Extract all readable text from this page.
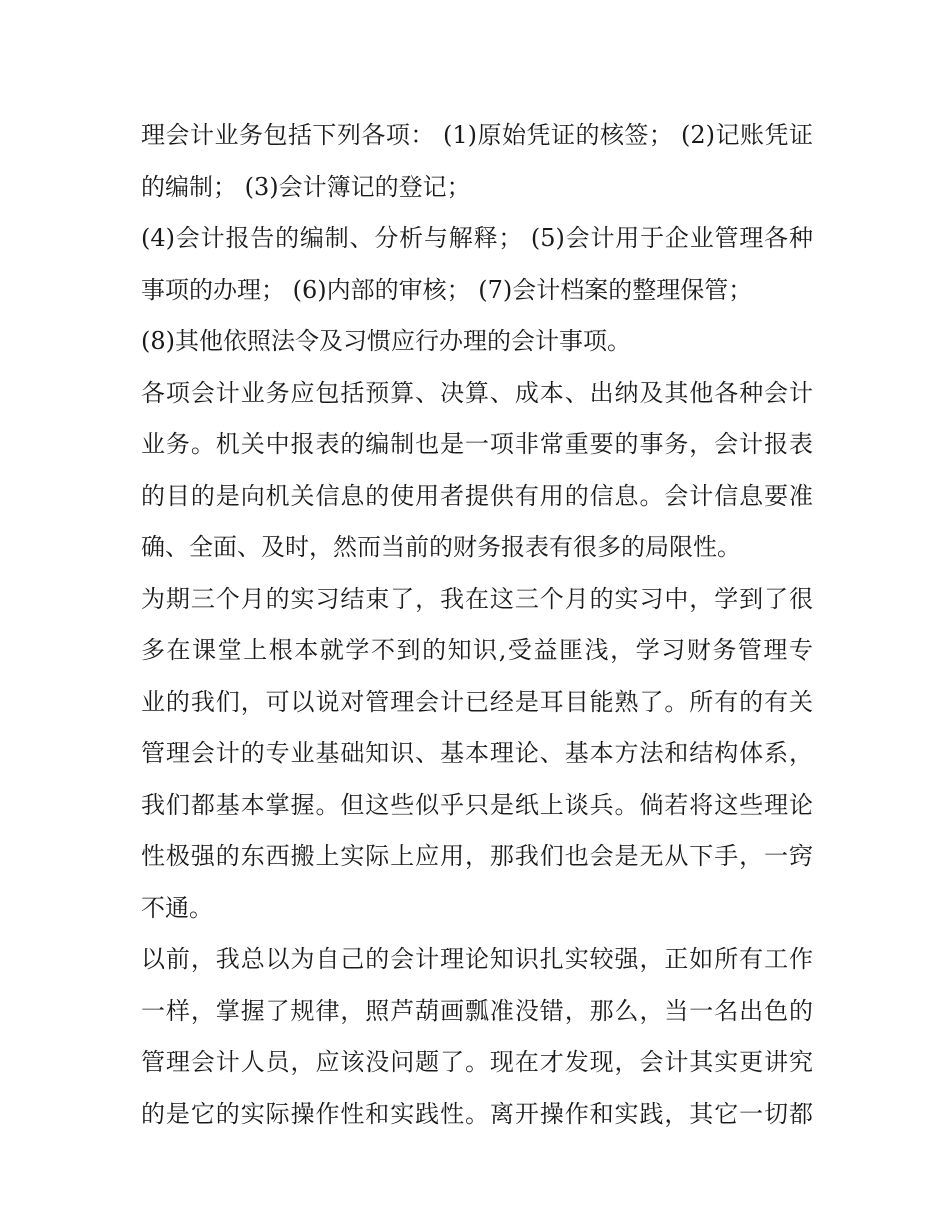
理会计业务包括下列各项： (1)原始凭证的核签； (2)记账凭证
的编制； (3)会计簿记的登记；
(4)会计报告的编制、分析与解释； (5)会计用于企业管理各种
事项的办理； (6)内部的审核； (7)会计档案的整理保管；
(8)其他依照法令及习惯应行办理的会计事项。
各项会计业务应包括预算、决算、成本、出纳及其他各种会计
业务。机关中报表的编制也是一项非常重要的事务，会计报表
的目的是向机关信息的使用者提供有用的信息。会计信息要准
确、全面、及时，然而当前的财务报表有很多的局限性。
为期三个月的实习结束了，我在这三个月的实习中，学到了很
多在课堂上根本就学不到的知识,受益匪浅，学习财务管理专
业的我们，可以说对管理会计已经是耳目能熟了。所有的有关
管理会计的专业基础知识、基本理论、基本方法和结构体系，
我们都基本掌握。但这些似乎只是纸上谈兵。倘若将这些理论
性极强的东西搬上实际上应用，那我们也会是无从下手，一窍
不通。
以前，我总以为自己的会计理论知识扎实较强，正如所有工作
一样，掌握了规律，照芦葫画瓢准没错，那么，当一名出色的
管理会计人员，应该没问题了。现在才发现，会计其实更讲究
的是它的实际操作性和实践性。离开操作和实践，其它一切都
